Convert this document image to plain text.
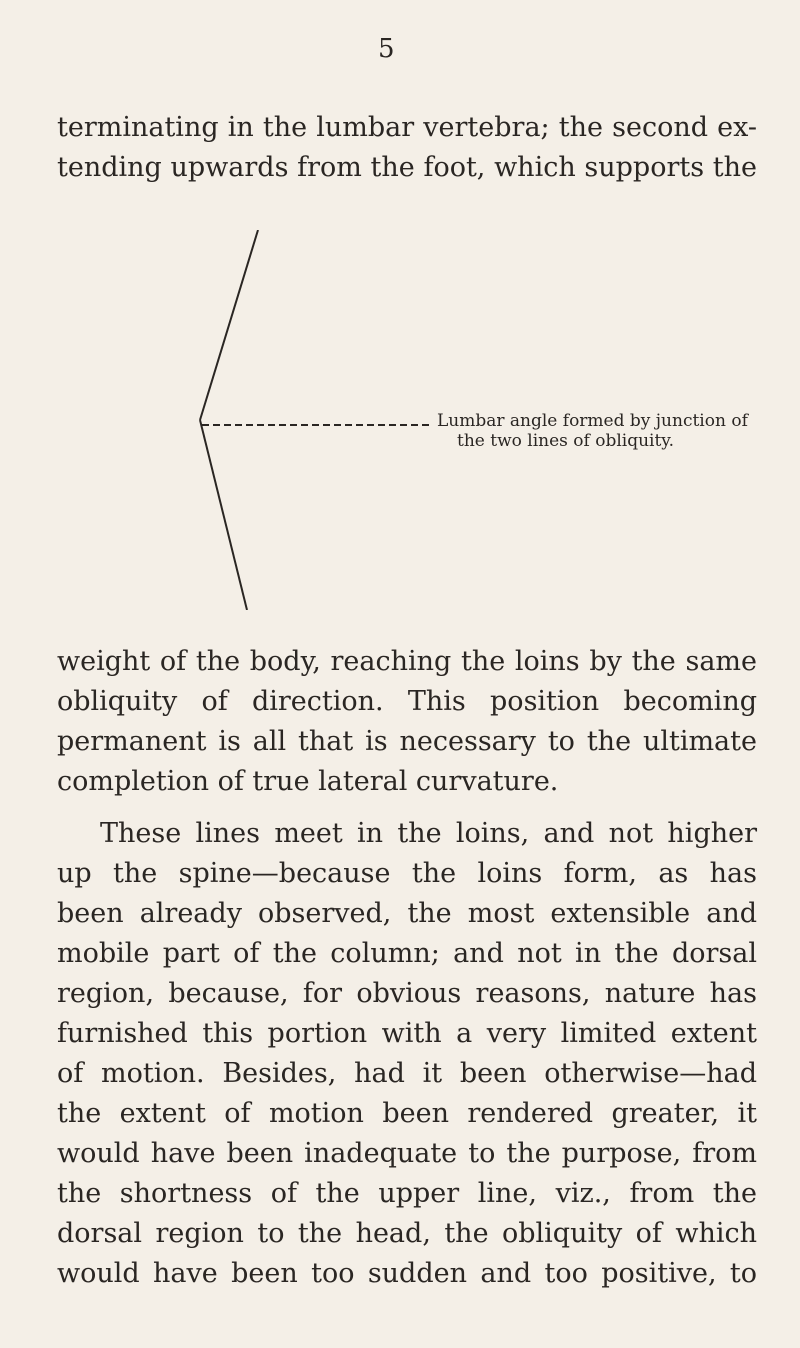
5
terminating in the lumbar vertebra; the second ex-
tending upwards from the foot, which supports the
Lumbar angle formed by junction of
the two lines of obliquity.
weight of the body, reaching the loins by the same
obliquity of direction. This position becoming
permanent is all that is necessary to the ultimate
completion of true lateral curvature.
These lines meet in the loins, and not higher
up the spine—because the loins form, as has
been already observed, the most extensible and
mobile part of the column; and not in the dorsal
region, because, for obvious reasons, nature has
furnished this portion with a very limited extent
of motion. Besides, had it been otherwise—had
the extent of motion been rendered greater, it
would have been inadequate to the purpose, from
the shortness of the upper line, viz., from the
dorsal region to the head, the obliquity of which
would have been too sudden and too positive, to
